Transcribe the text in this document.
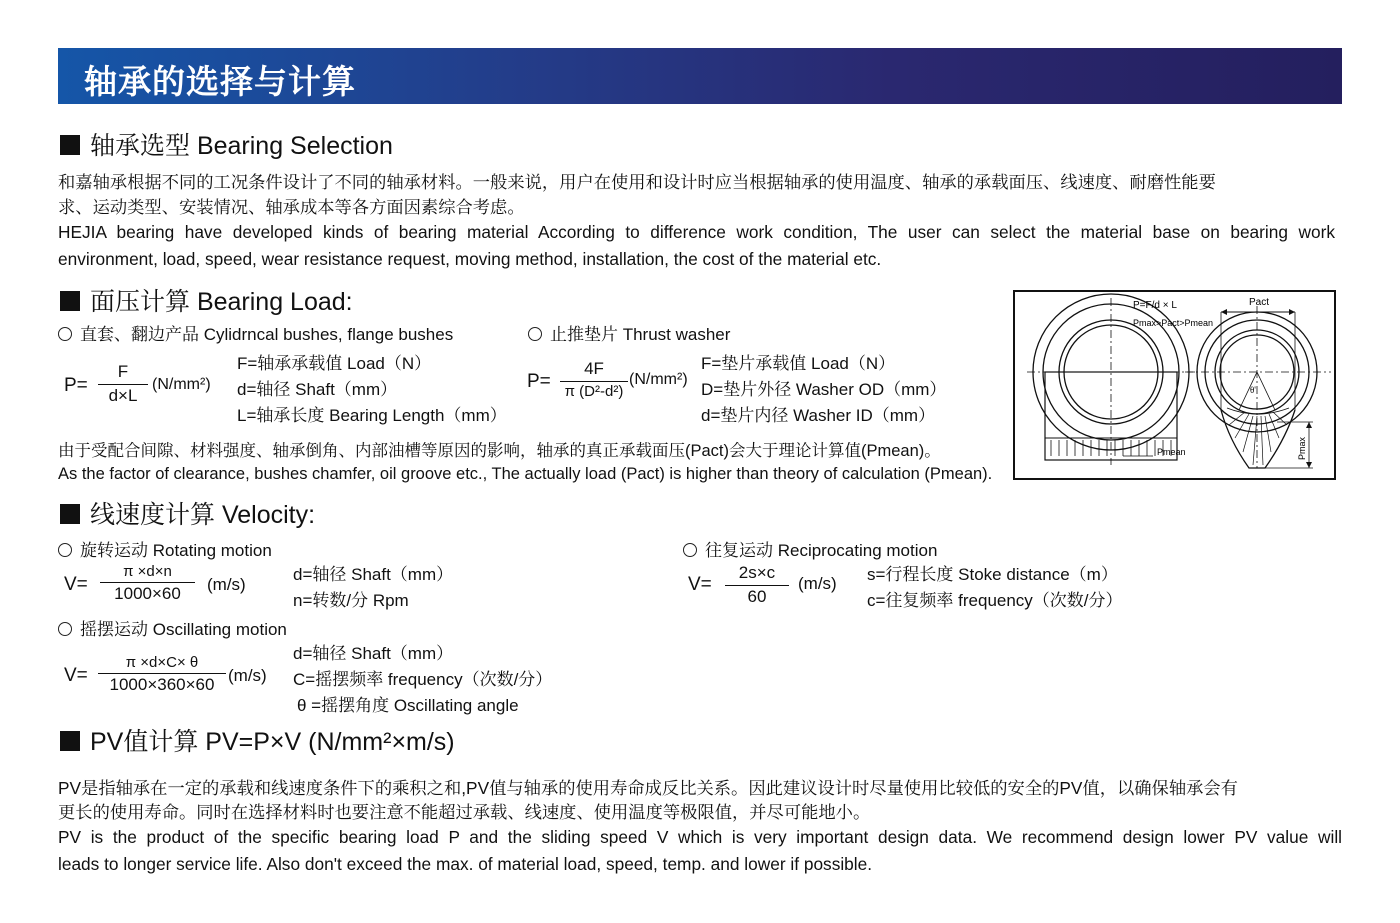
轴承的选择与计算
轴承选型 Bearing Selection
和嘉轴承根据不同的工况条件设计了不同的轴承材料。一般来说，用户在使用和设计时应当根据轴承的使用温度、轴承的承载面压、线速度、耐磨性能要
求、运动类型、安装情况、轴承成本等各方面因素综合考虑。
HEJIA bearing have developed kinds of bearing material According to difference work condition, The user can select the material base on bearing work
environment, load, speed, wear resistance request, moving method, installation, the cost of the material etc.
面压计算 Bearing Load:
直套、翻边产品 Cylidrncal bushes, flange bushes
P=
F
d×L
(N/mm²)
F=轴承承载值 Load（N）
d=轴径 Shaft（mm）
L=轴承长度 Bearing Length（mm）
止推垫片 Thrust washer
P=
4F
π (D²-d²)
(N/mm²)
F=垫片承载值 Load（N）
D=垫片外径 Washer OD（mm）
d=垫片内径 Washer ID（mm）
由于受配合间隙、材料强度、轴承倒角、内部油槽等原因的影响，轴承的真正承载面压(Pact)会大于理论计算值(Pmean)。
As the factor of clearance, bushes chamfer, oil groove etc., The actually load (Pact) is higher than theory of calculation (Pmean).
Pmean
P=F/d × L
Pmax>Pact>Pmean
Pact
θ'
Pmax
线速度计算 Velocity:
旋转运动 Rotating motion
V=
π ×d×n
1000×60	(m/s)
d=轴径 Shaft（mm）
n=转数/分 Rpm
往复运动 Reciprocating motion
V=
2s×c
60
(m/s) s=行程长度 Stoke distance（m）
c=往复频率 frequency（次数/分）
摇摆运动 Oscillating motion
V=
π ×d×C× θ
1000×360×60 (m/s)
d=轴径 Shaft（mm）
C=摇摆频率 frequency（次数/分）
θ =摇摆角度 Oscillating angle
PV值计算 PV=P×V (N/mm²×m/s)
PV是指轴承在一定的承载和线速度条件下的乘积之和,PV值与轴承的使用寿命成反比关系。因此建议设计时尽量使用比较低的安全的PV值，以确保轴承会有
更长的使用寿命。同时在选择材料时也要注意不能超过承载、线速度、使用温度等极限值，并尽可能地小。
PV is the product of the specific bearing load P and the sliding speed V which is very important design data. We recommend design lower PV value will
leads to longer service life. Also don't exceed the max. of material load, speed, temp. and lower if possible.
